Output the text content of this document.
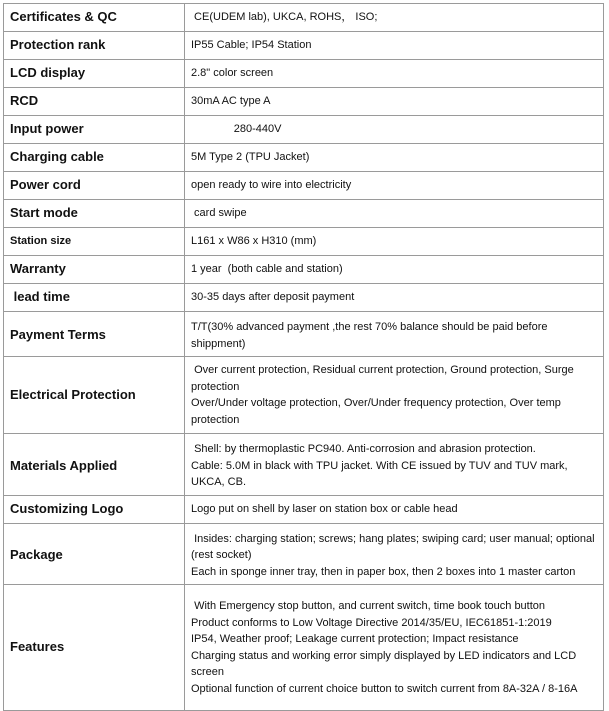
Certificates & QC	CE(UDEM lab), UKCA, ROHS， ISO;

Protection rank	IP55 Cable; IP54 Station

LCD display	2.8" color screen

RCD	30mA AC type A

Input power	280-440V

Charging cable	5M Type 2 (TPU Jacket)

Power cord	open ready to wire into electricity

Start mode	card swipe

Station size	L161 x W86 x H310 (mm)

Warranty	1 year  (both cable and station)

lead time	30-35 days after deposit payment

Payment Terms	T/T(30% advanced payment ,the rest 70% balance should be paid before shippment)

Electrical Protection	Over current protection, Residual current protection, Ground protection, Surge protection
Over/Under voltage protection, Over/Under frequency protection, Over temp protection

Materials Applied	Shell: by thermoplastic PC940. Anti-corrosion and abrasion protection.
Cable: 5.0M in black with TPU jacket. With CE issued by TUV and TUV mark, UKCA, CB.

Customizing Logo	Logo put on shell by laser on station box or cable head

Package	Insides: charging station; screws; hang plates; swiping card; user manual; optional (rest socket)
Each in sponge inner tray, then in paper box, then 2 boxes into 1 master carton

Features	With Emergency stop button, and current switch, time book touch button
Product conforms to Low Voltage Directive 2014/35/EU, IEC61851-1:2019
IP54, Weather proof; Leakage current protection; Impact resistance
Charging status and working error simply displayed by LED indicators and LCD screen
Optional function of current choice button to switch current from 8A-32A / 8-16A
